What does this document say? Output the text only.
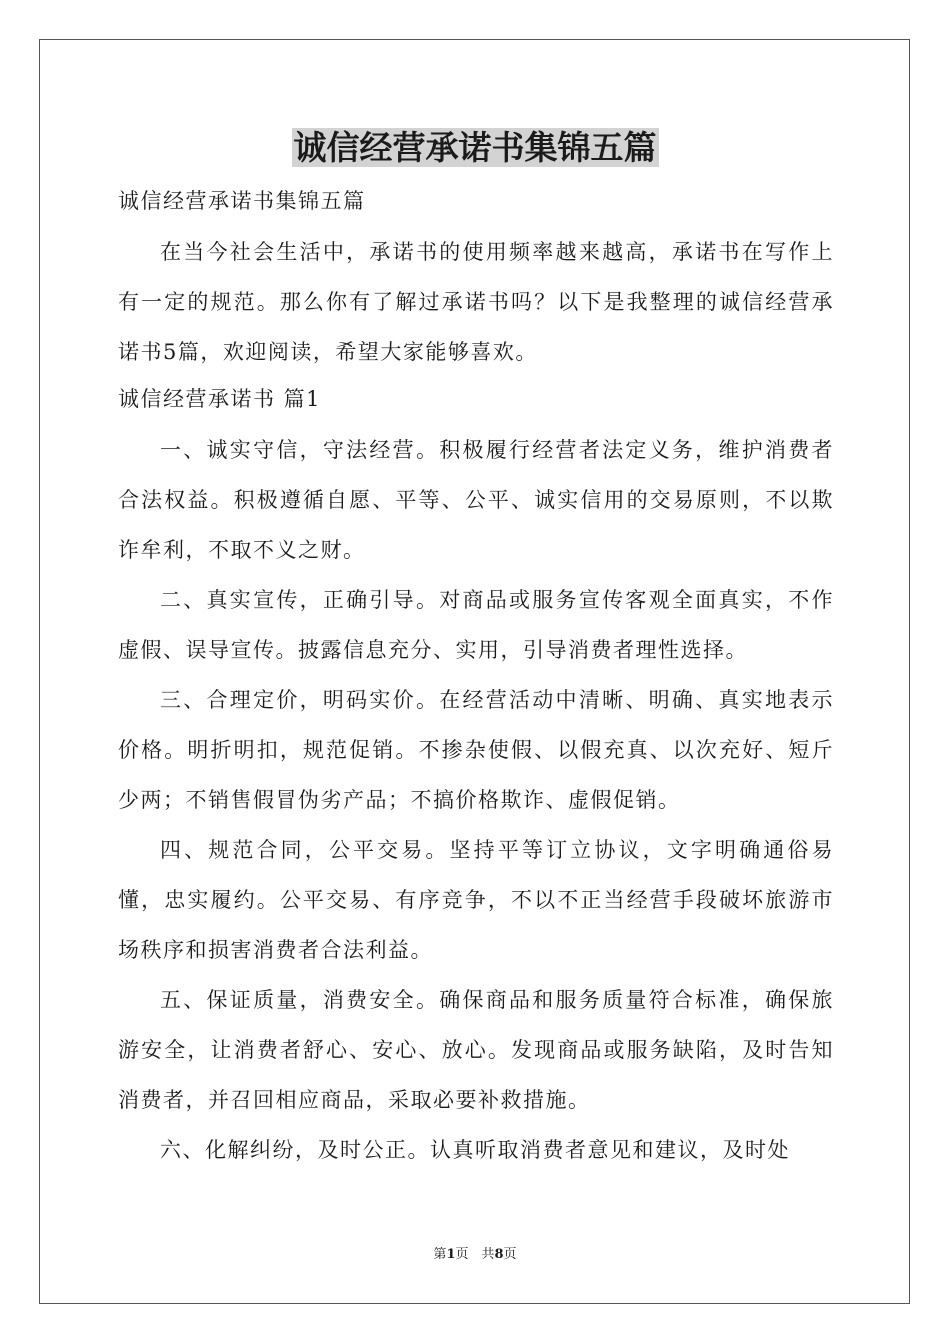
诚信经营承诺书集锦五篇

诚信经营承诺书集锦五篇

在当今社会生活中，承诺书的使用频率越来越高，承诺书在写作上有一定的规范。那么你有了解过承诺书吗？以下是我整理的诚信经营承诺书5篇，欢迎阅读，希望大家能够喜欢。

诚信经营承诺书 篇1

一、诚实守信，守法经营。积极履行经营者法定义务，维护消费者合法权益。积极遵循自愿、平等、公平、诚实信用的交易原则，不以欺诈牟利，不取不义之财。

二、真实宣传，正确引导。对商品或服务宣传客观全面真实，不作虚假、误导宣传。披露信息充分、实用，引导消费者理性选择。

三、合理定价，明码实价。在经营活动中清晰、明确、真实地表示价格。明折明扣，规范促销。不掺杂使假、以假充真、以次充好、短斤少两；不销售假冒伪劣产品；不搞价格欺诈、虚假促销。

四、规范合同，公平交易。坚持平等订立协议，文字明确通俗易懂，忠实履约。公平交易、有序竞争，不以不正当经营手段破坏旅游市场秩序和损害消费者合法利益。

五、保证质量，消费安全。确保商品和服务质量符合标准，确保旅游安全，让消费者舒心、安心、放心。发现商品或服务缺陷，及时告知消费者，并召回相应商品，采取必要补救措施。

六、化解纠纷，及时公正。认真听取消费者意见和建议，及时处

第1页　共8页
